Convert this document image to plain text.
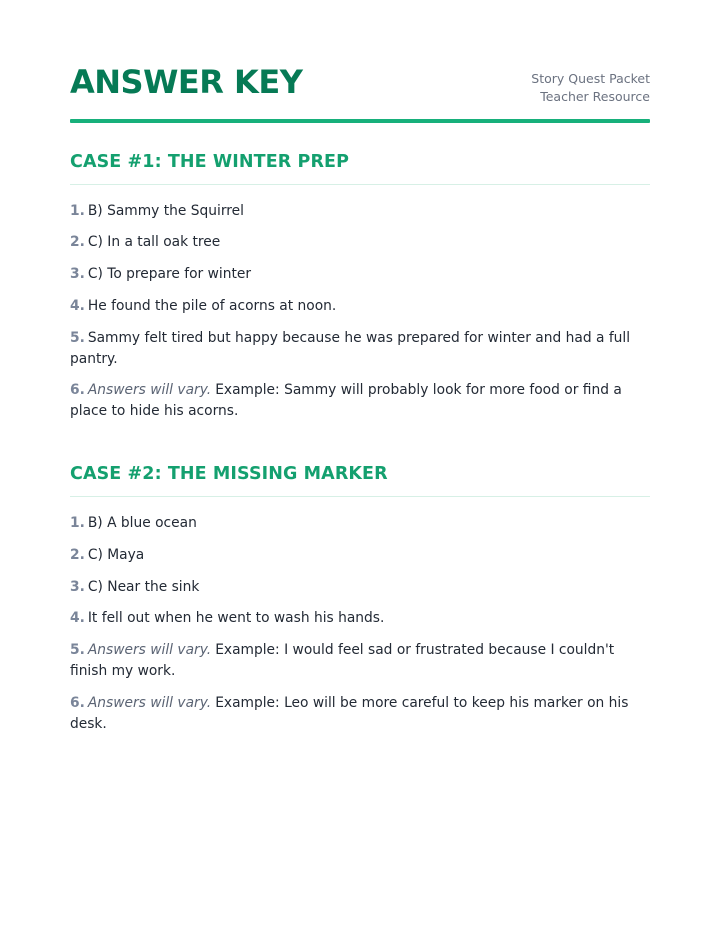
ANSWER KEY	Story Quest Packet
Teacher Resource
CASE #1: THE WINTER PREP
1. B) Sammy the Squirrel
2. C) In a tall oak tree
3. C) To prepare for winter
4. He found the pile of acorns at noon.
5. Sammy felt tired but happy because he was prepared for winter and had a full pantry.
6. Answers will vary. Example: Sammy will probably look for more food or find a place to hide his acorns.
CASE #2: THE MISSING MARKER
1. B) A blue ocean
2. C) Maya
3. C) Near the sink
4. It fell out when he went to wash his hands.
5. Answers will vary. Example: I would feel sad or frustrated because I couldn't finish my work.
6. Answers will vary. Example: Leo will be more careful to keep his marker on his desk.
